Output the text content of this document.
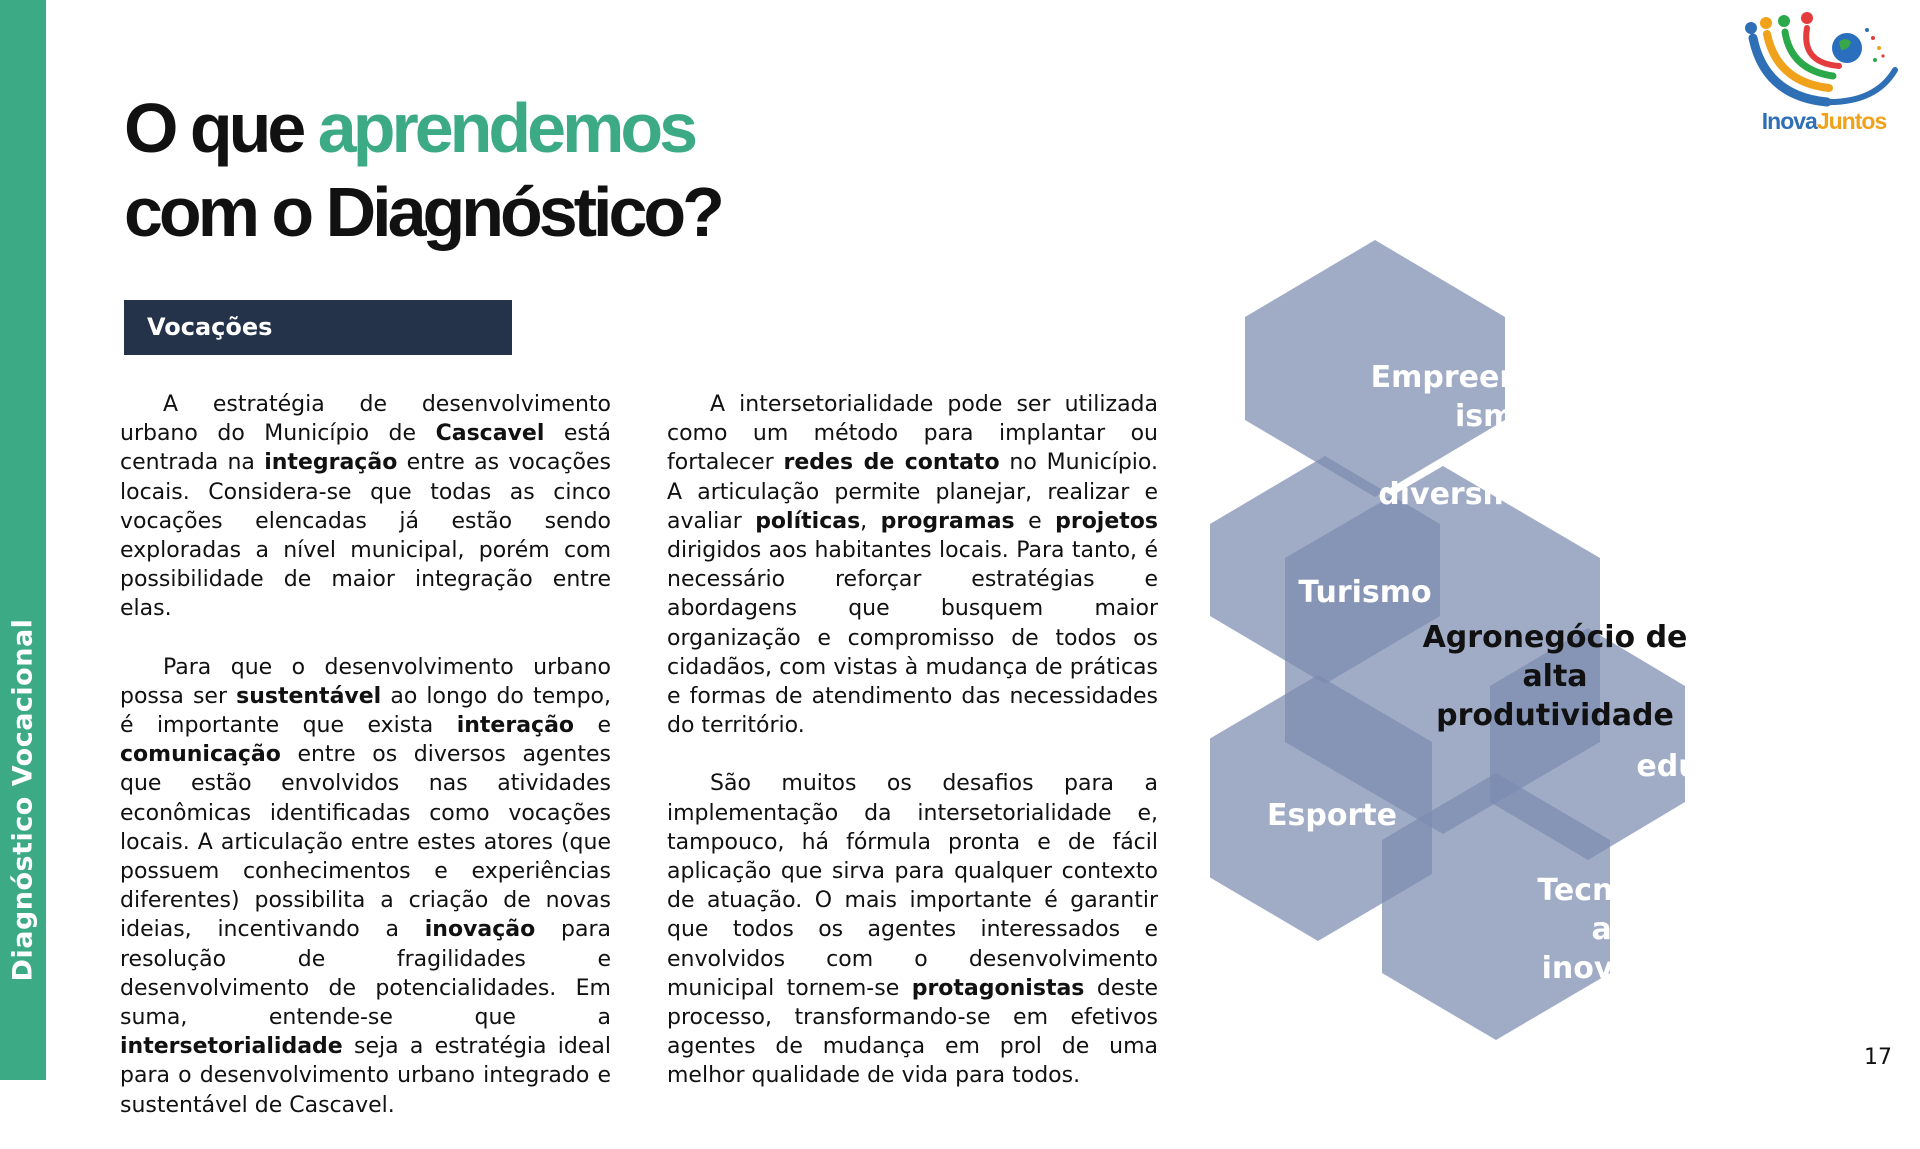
Diagnóstico Vocacional
O que aprendemos
com o Diagnóstico?
Vocações

A estratégia de desenvolvimento urbano do Município de Cascavel está centrada na integração entre as vocações locais. Considera-se que todas as cinco vocações elencadas já estão sendo exploradas a nível municipal, porém com possibilidade de maior integração entre elas.

Para que o desenvolvimento urbano possa ser sustentável ao longo do tempo, é importante que exista interação e comunicação entre os diversos agentes que estão envolvidos nas atividades econômicas identificadas como vocações locais. A articulação entre estes atores (que possuem conhecimentos e experiências diferentes) possibilita a criação de novas ideias, incentivando a inovação para resolução de fragilidades e desenvolvimento de potencialidades. Em suma, entende-se que a intersetorialidade seja a estratégia ideal para o desenvolvimento urbano integrado e sustentável de Cascavel.

A intersetorialidade pode ser utilizada como um método para implantar ou fortalecer redes de contato no Município. A articulação permite planejar, realizar e avaliar políticas, programas e projetos dirigidos aos habitantes locais. Para tanto, é necessário reforçar estratégias e abordagens que busquem maior organização e compromisso de todos os cidadãos, com vistas à mudança de práticas e formas de atendimento das necessidades do território.

São muitos os desafios para a implementação da intersetorialidade e, tampouco, há fórmula pronta e de fácil aplicação que sirva para qualquer contexto de atuação. O mais importante é garantir que todos os agentes interessados e envolvidos com o desenvolvimento municipal tornem-se protagonistas deste processo, transformando-se em efetivos agentes de mudança em prol de uma melhor qualidade de vida para todos.

Empreendedor
ismo
e
diversificação
Turismo
Agronegócio de
alta
produtividade Polo
educacion
al
Esporte
Tecnologi
a e
inovação
InovaJuntos
17
